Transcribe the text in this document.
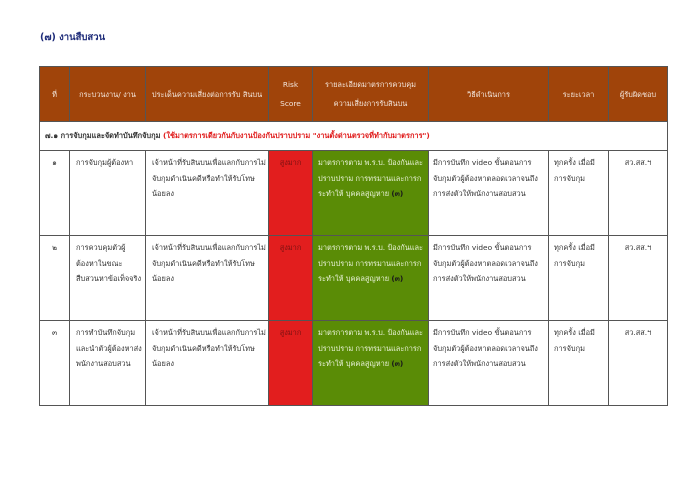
(๗) งานสืบสวน
ที่	กระบวนงาน/ งาน	ประเด็นความเสี่ยงต่อการรับ สินบน	Risk Score	รายละเอียดมาตรการควบคุม ความเสี่ยงการรับสินบน	วิธีดำเนินการ	ระยะเวลา	ผู้รับผิดชอบ
๗.๑ การจับกุมและจัดทำบันทึกจับกุม (ใช้มาตรการเดียวกันกับงานป้องกันปราบปราม "งานตั้งด่านตรวจที่ทำกับมาตรการ")							
๑	การจับกุมผู้ต้องหา	เจ้าหน้าที่รับสินบนเพื่อแลกกับการไม่จับกุมดำเนินคดีหรือทำให้รับโทษน้อยลง	สูงมาก	มาตรการตาม พ.ร.บ. ป้องกันและปราบปราม การทรมานและการกระทำให้ บุคคลสูญหาย (๓)	มีการบันทึก video ขั้นตอนการจับกุมตัวผู้ต้องหาตลอดเวลาจนถึงการส่งตัวให้พนักงานสอบสวน	ทุกครั้ง เมื่อมีการจับกุม	สว.สส.ฯ
๒	การควบคุมตัวผู้ต้องหาในขณะสืบสวนหาข้อเท็จจริง	เจ้าหน้าที่รับสินบนเพื่อแลกกับการไม่จับกุมดำเนินคดีหรือทำให้รับโทษน้อยลง	สูงมาก	มาตรการตาม พ.ร.บ. ป้องกันและปราบปราม การทรมานและการกระทำให้ บุคคลสูญหาย (๓)	มีการบันทึก video ขั้นตอนการจับกุมตัวผู้ต้องหาตลอดเวลาจนถึงการส่งตัวให้พนักงานสอบสวน	ทุกครั้ง เมื่อมีการจับกุม	สว.สส.ฯ
๓	การทำบันทึกจับกุมและนำตัวผู้ต้องหาส่งพนักงานสอบสวน	เจ้าหน้าที่รับสินบนเพื่อแลกกับการไม่จับกุมดำเนินคดีหรือทำให้รับโทษน้อยลง	สูงมาก	มาตรการตาม พ.ร.บ. ป้องกันและปราบปราม การทรมานและการกระทำให้ บุคคลสูญหาย (๓)	มีการบันทึก video ขั้นตอนการจับกุมตัวผู้ต้องหาตลอดเวลาจนถึงการส่งตัวให้พนักงานสอบสวน	ทุกครั้ง เมื่อมีการจับกุม	สว.สส.ฯ
